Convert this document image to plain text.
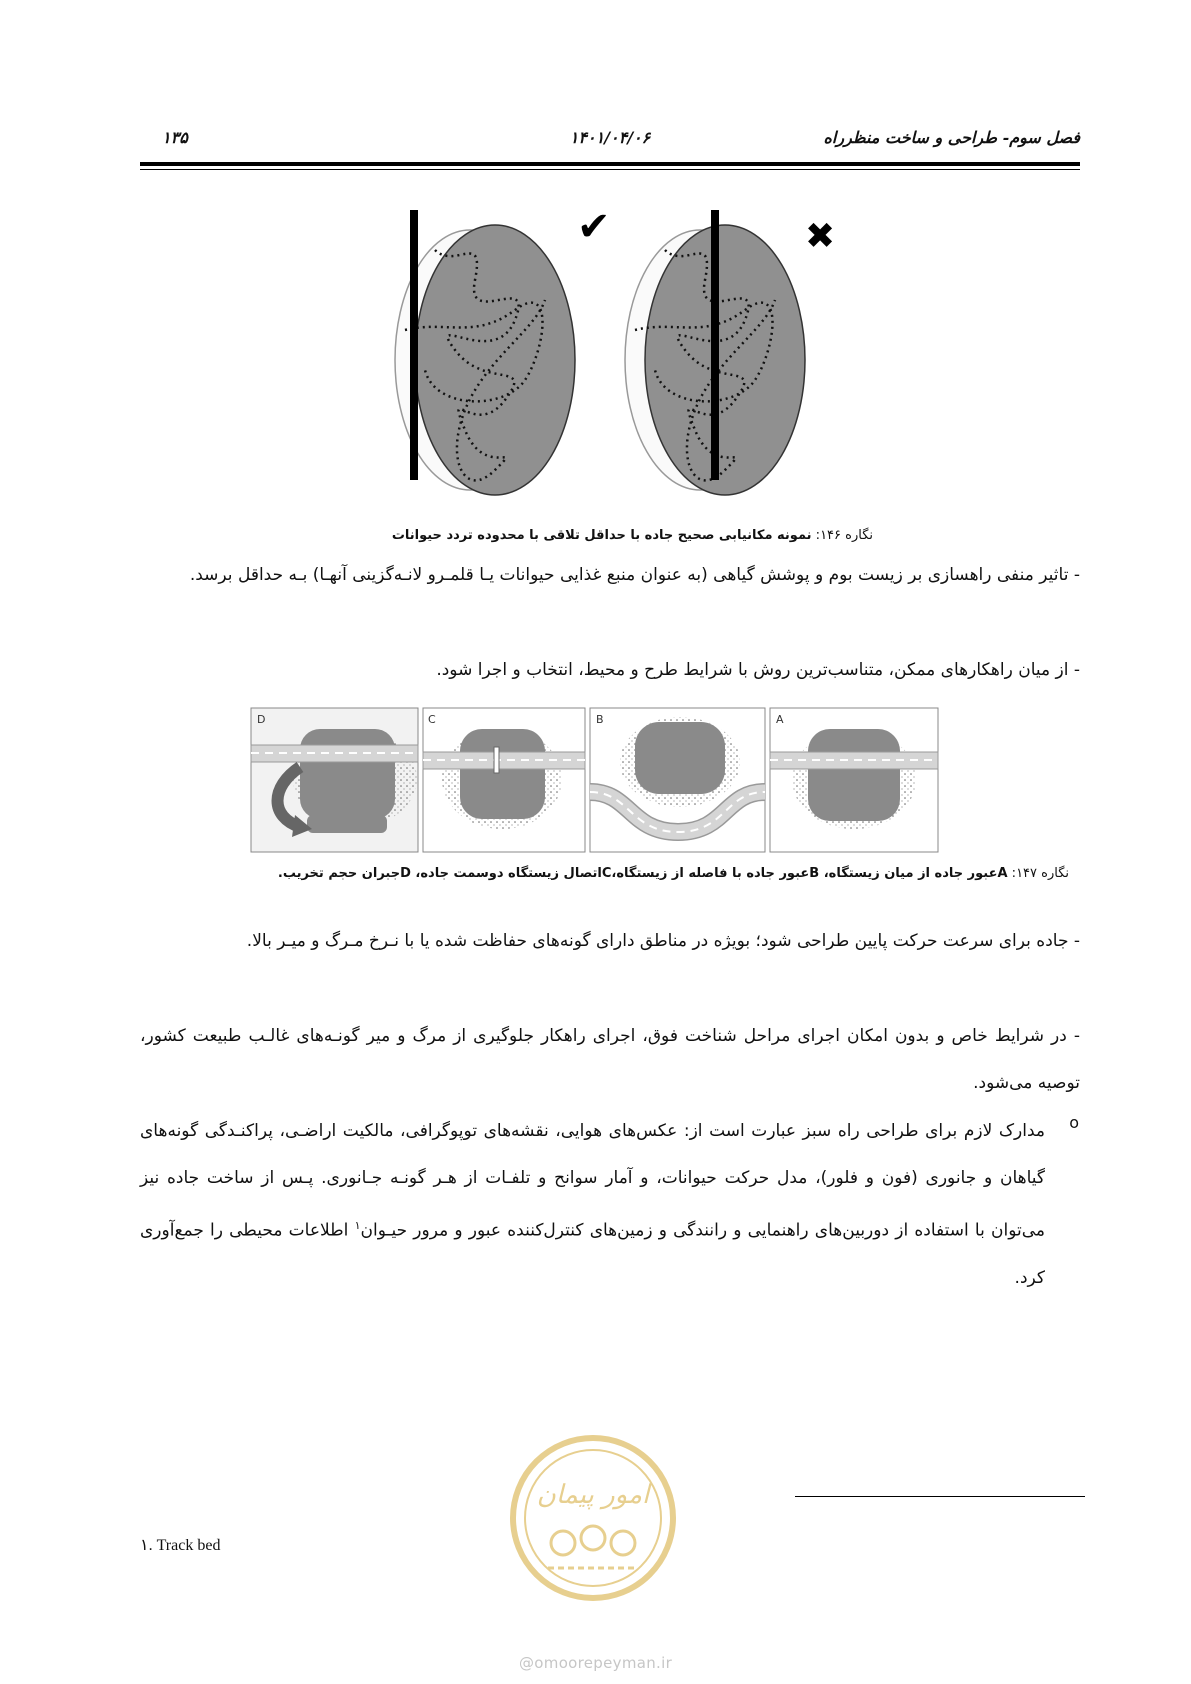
فصل سوم- طراحی و ساخت منظرراه
۱۴۰۱/۰۴/۰۶
۱۳۵
✔	✖
نگاره ۱۴۶: نمونه مکانیابی صحیح جاده با حداقل تلاقی با محدوده تردد حیوانات
- تاثیر منفی راهسازی بر زیست بوم و پوشش گیاهی (به عنوان منبع غذایی حیوانات یـا قلمـرو لانـه‌گزینی آنهـا) بـه حداقل برسد.
- از میان راهکارهای ممکن، متناسب‌ترین روش با شرایط طرح و محیط، انتخاب و اجرا شود.
D	C	B	A
نگاره ۱۴۷: Aعبور جاده از میان زیستگاه، Bعبور جاده با فاصله از زیستگاه،Cاتصال زیستگاه دوسمت جاده، Dجبران حجم تخریب.
- جاده برای سرعت حرکت پایین طراحی شود؛ بویژه در مناطق دارای گونه‌های حفاظت شده یا با نـرخ مـرگ و میـر بالا.
- در شرایط خاص و بدون امکان اجرای مراحل شناخت فوق، اجرای راهکار جلوگیری از مرگ و میر گونـه‌های غالـب طبیعت کشور، توصیه می‌شود.
o
مدارک لازم برای طراحی راه سبز عبارت است از: عکس‌های هوایی، نقشه‌های توپوگرافی، مالکیت اراضـی، پراکنـدگی گونه‌های گیاهان و جانوری (فون و فلور)، مدل حرکت حیوانات، و آمار سوانح و تلفـات از هـر گونـه جـانوری. پـس از ساخت جاده نیز می‌توان با استفاده از دوربین‌های راهنمایی و رانندگی و زمین‌های کنترل‌کننده عبور و مرور حیـوان$^۱$ اطلاعات محیطی را جمع‌آوری کرد.
۱. Track bed
امور پیمان
@omoorepeyman.ir
